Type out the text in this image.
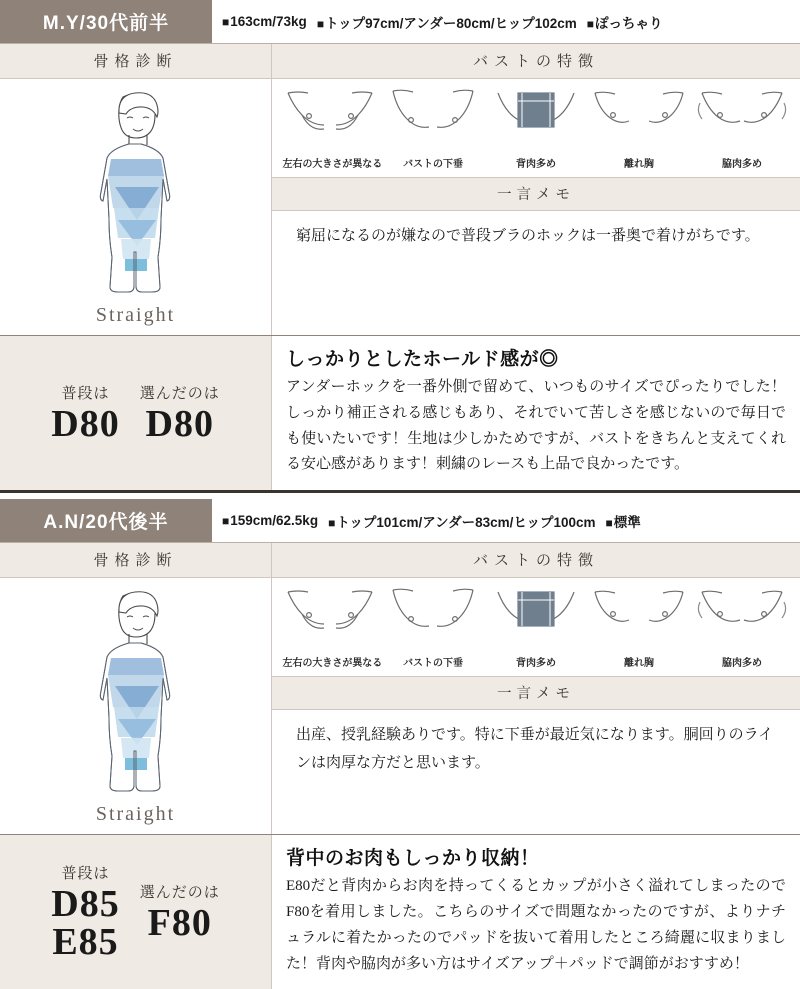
M.Y/30代前半	■ 163cm/73kg	■ トップ97cm/アンダー80cm/ヒップ102cm	■ ぽっちゃり
骨格診断	バストの特徴
Straight
左右の大きさが異なる	バストの下垂	背肉多め	離れ胸	脇肉多め
一言メモ
窮屈になるのが嫌なので普段ブラのホックは一番奥で着けがちです。
普段は
D80
選んだのは
D80
しっかりとしたホールド感が◎
アンダーホックを一番外側で留めて、いつものサイズでぴったりでした！しっかり補正される感じもあり、それでいて苦しさを感じないので毎日でも使いたいです！生地は少しかためですが、バストをきちんと支えてくれる安心感があります！刺繍のレースも上品で良かったです。
A.N/20代後半	■ 159cm/62.5kg	■ トップ101cm/アンダー83cm/ヒップ100cm	■ 標準
骨格診断	バストの特徴
Straight
左右の大きさが異なる	バストの下垂	背肉多め	離れ胸	脇肉多め
一言メモ
出産、授乳経験ありです。特に下垂が最近気になります。胴回りのラインは肉厚な方だと思います。
普段は
D85
E85
選んだのは
F80
背中のお肉もしっかり収納！
E80だと背肉からお肉を持ってくるとカップが小さく溢れてしまったのでF80を着用しました。こちらのサイズで問題なかったのですが、よりナチュラルに着たかったのでパッドを抜いて着用したところ綺麗に収まりました！背肉や脇肉が多い方はサイズアップ＋パッドで調節がおすすめ！
